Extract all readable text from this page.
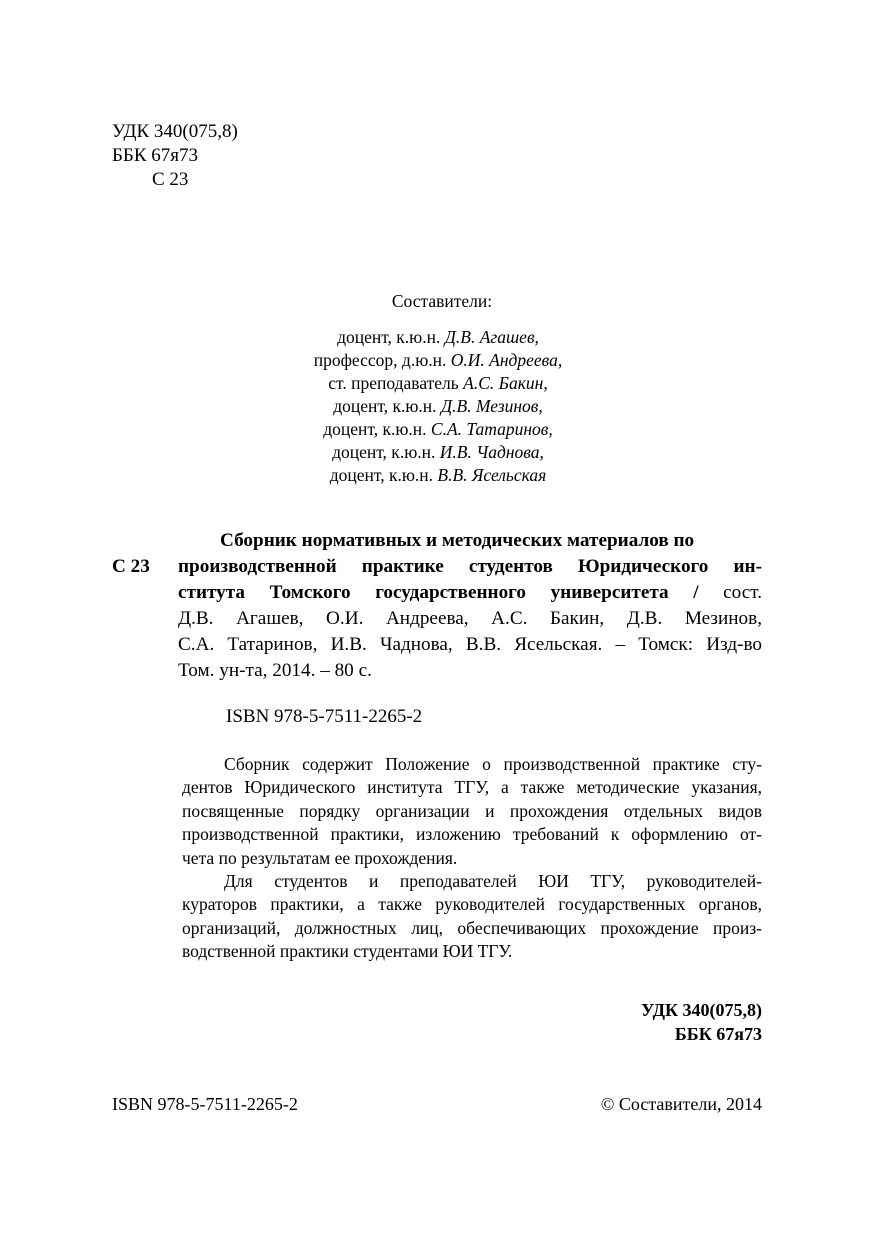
УДК 340(075,8)
ББК 67я73
С 23
Составители:
доцент, к.ю.н. Д.В. Агашев,
профессор, д.ю.н. О.И. Андреева,
ст. преподаватель А.С. Бакин,
доцент, к.ю.н. Д.В. Мезинов,
доцент, к.ю.н. С.А. Татаринов,
доцент, к.ю.н. И.В. Чаднова,
доцент, к.ю.н. В.В. Ясельская
С 23
Сборник нормативных и методических материалов по
производственной практике студентов Юридического ин-
ститута Томского государственного университета / сост.
Д.В. Агашев, О.И. Андреева, А.С. Бакин, Д.В. Мезинов,
С.А. Татаринов, И.В. Чаднова, В.В. Ясельская. – Томск: Изд-во
Том. ун-та, 2014. – 80 с.
ISBN 978-5-7511-2265-2
Сборник содержит Положение о производственной практике сту-
дентов Юридического института ТГУ, а также методические указания,
посвященные порядку организации и прохождения отдельных видов
производственной практики, изложению требований к оформлению от-
чета по результатам ее прохождения.
Для студентов и преподавателей ЮИ ТГУ, руководителей-
кураторов практики, а также руководителей государственных органов,
организаций, должностных лиц, обеспечивающих прохождение произ-
водственной практики студентами ЮИ ТГУ.
УДК 340(075,8)
ББК 67я73
ISBN 978-5-7511-2265-2	© Составители, 2014
